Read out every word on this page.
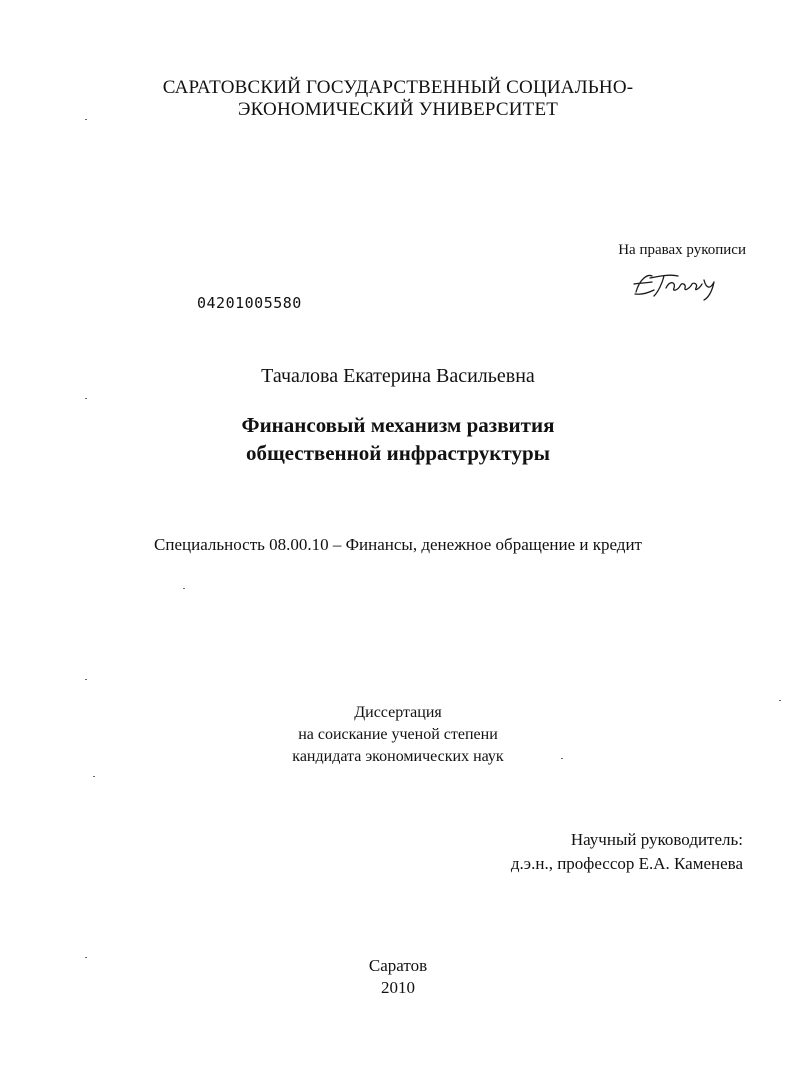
САРАТОВСКИЙ ГОСУДАРСТВЕННЫЙ СОЦИАЛЬНО-
ЭКОНОМИЧЕСКИЙ УНИВЕРСИТЕТ
На правах рукописи
04201005580
Тачалова Екатерина Васильевна
Финансовый механизм развития
общественной инфраструктуры
Специальность 08.00.10 – Финансы, денежное обращение и кредит
Диссертация
на соискание ученой степени
кандидата экономических наук
Научный руководитель:
д.э.н., профессор Е.А. Каменева
Саратов
2010
